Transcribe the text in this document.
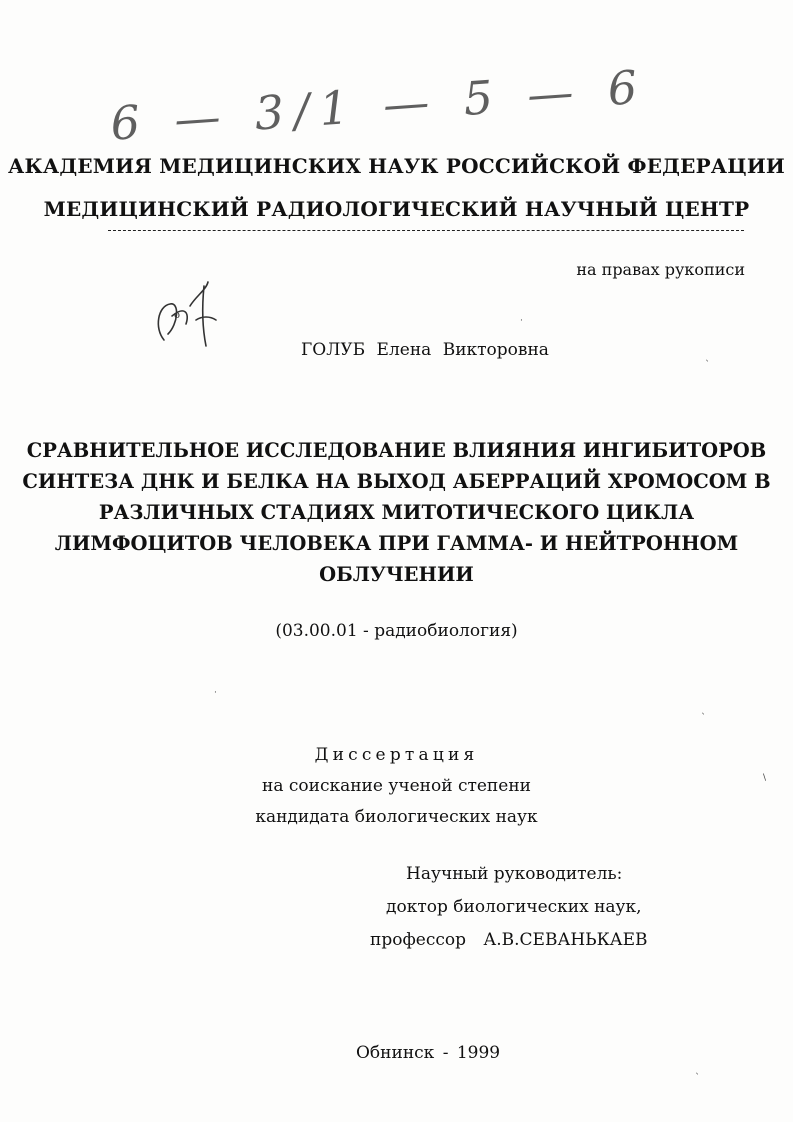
6 — 3/1 — 5 — 6
АКАДЕМИЯ МЕДИЦИНСКИХ НАУК РОССИЙСКОЙ ФЕДЕРАЦИИ
МЕДИЦИНСКИЙ РАДИОЛОГИЧЕСКИЙ НАУЧНЫЙ ЦЕНТР
на правах рукописи
о
ГОЛУБ Елена Викторовна
СРАВНИТЕЛЬНОЕ ИССЛЕДОВАНИЕ ВЛИЯНИЯ ИНГИБИТОРОВ
СИНТЕЗА ДНК И БЕЛКА НА ВЫХОД АБЕРРАЦИЙ ХРОМОСОМ В
РАЗЛИЧНЫХ СТАДИЯХ МИТОТИЧЕСКОГО ЦИКЛА
ЛИМФОЦИТОВ ЧЕЛОВЕКА ПРИ ГАММА- И НЕЙТРОННОМ
ОБЛУЧЕНИИ
(03.00.01 - радиобиология)
Диссертация
на соискание ученой степени
кандидата биологических наук
Научный руководитель:
доктор биологических наук,
профессор А.В.СЕВАНЬКАЕВ
Обнинск - 1999
՝
·
՝
\
՝
·
